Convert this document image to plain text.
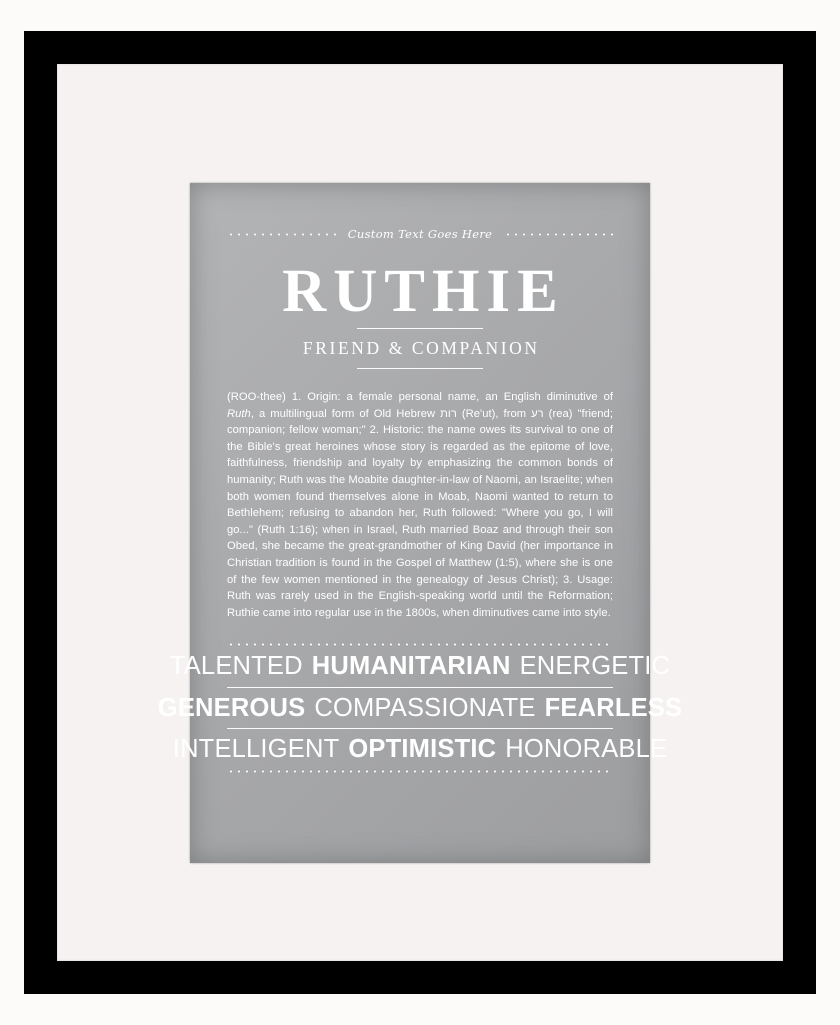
Custom Text Goes Here
RUTHIE
FRIEND & COMPANION

(ROO-thee) 1. Origin: a female personal name, an English diminutive of Ruth, a multilingual form of Old Hebrew רות (Re'ut), from רע (rea) "friend; companion; fellow woman;" 2. Historic: the name owes its survival to one of the Bible's great heroines whose story is regarded as the epitome of love, faithfulness, friendship and loyalty by emphasizing the common bonds of humanity; Ruth was the Moabite daughter-in-law of Naomi, an Israelite; when both women found themselves alone in Moab, Naomi wanted to return to Bethlehem; refusing to abandon her, Ruth followed: "Where you go, I will go..." (Ruth 1:16); when in Israel, Ruth married Boaz and through their son Obed, she became the great-grandmother of King David (her importance in Christian tradition is found in the Gospel of Matthew (1:5), where she is one of the few women mentioned in the genealogy of Jesus Christ); 3. Usage: Ruth was rarely used in the English-speaking world until the Reformation; Ruthie came into regular use in the 1800s, when diminutives came into style.

TALENTED HUMANITARIAN ENERGETIC
GENEROUS COMPASSIONATE FEARLESS
INTELLIGENT OPTIMISTIC HONORABLE
